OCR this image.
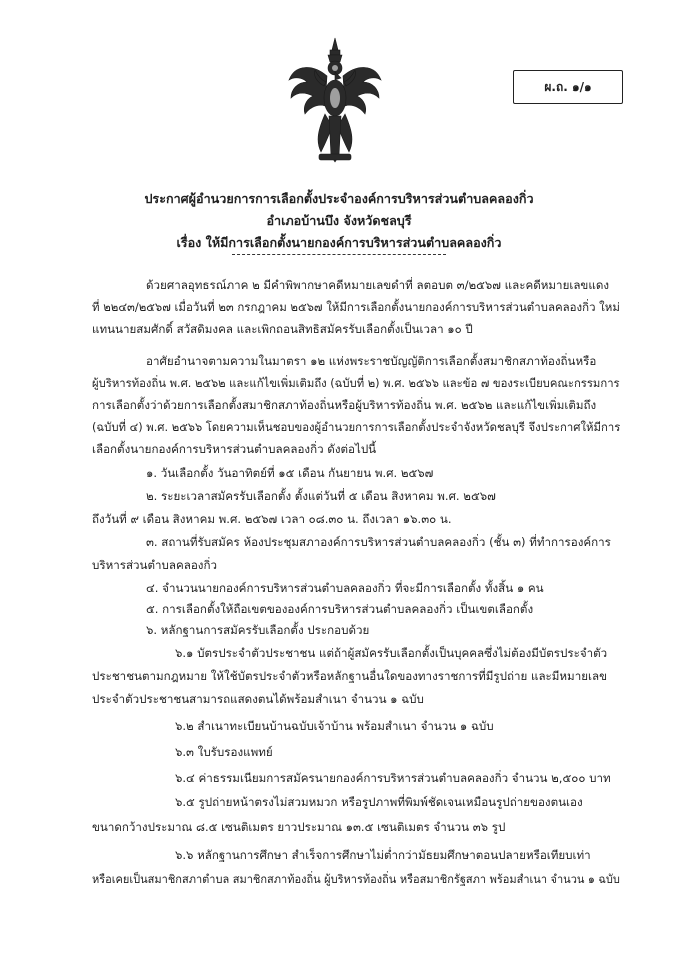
ผ.ถ. ๑/๑
ประกาศผู้อำนวยการการเลือกตั้งประจำองค์การบริหารส่วนตำบลคลองกิ่ว
อำเภอบ้านบึง จังหวัดชลบุรี
เรื่อง ให้มีการเลือกตั้งนายกองค์การบริหารส่วนตำบลคลองกิ่ว
ด้วยศาลอุทธรณ์ภาค ๒ มีคำพิพากษาคดีหมายเลขดำที่ ลตอบต ๓/๒๕๖๗ และคดีหมายเลขแดง
ที่ ๒๒๔๓/๒๕๖๗ เมื่อวันที่ ๒๓ กรกฎาคม ๒๕๖๗ ให้มีการเลือกตั้งนายกองค์การบริหารส่วนตำบลคลองกิ่ว ใหม่
แทนนายสมศักดิ์ สวัสดิมงคล และเพิกถอนสิทธิสมัครรับเลือกตั้งเป็นเวลา ๑๐ ปี
อาศัยอำนาจตามความในมาตรา ๑๒ แห่งพระราชบัญญัติการเลือกตั้งสมาชิกสภาท้องถิ่นหรือ
ผู้บริหารท้องถิ่น พ.ศ. ๒๕๖๒ และแก้ไขเพิ่มเติมถึง (ฉบับที่ ๒) พ.ศ. ๒๕๖๖ และข้อ ๗ ของระเบียบคณะกรรมการ
การเลือกตั้งว่าด้วยการเลือกตั้งสมาชิกสภาท้องถิ่นหรือผู้บริหารท้องถิ่น พ.ศ. ๒๕๖๒ และแก้ไขเพิ่มเติมถึง
(ฉบับที่ ๔) พ.ศ. ๒๕๖๖ โดยความเห็นชอบของผู้อำนวยการการเลือกตั้งประจำจังหวัดชลบุรี จึงประกาศให้มีการ
เลือกตั้งนายกองค์การบริหารส่วนตำบลคลองกิ่ว ดังต่อไปนี้
๑. วันเลือกตั้ง วันอาทิตย์ที่ ๑๕ เดือน กันยายน พ.ศ. ๒๕๖๗
๒. ระยะเวลาสมัครรับเลือกตั้ง ตั้งแต่วันที่ ๕ เดือน สิงหาคม พ.ศ. ๒๕๖๗
ถึงวันที่ ๙ เดือน สิงหาคม พ.ศ. ๒๕๖๗ เวลา ๐๘.๓๐ น. ถึงเวลา ๑๖.๓๐ น.
๓. สถานที่รับสมัคร ห้องประชุมสภาองค์การบริหารส่วนตำบลคลองกิ่ว (ชั้น ๓) ที่ทำการองค์การ
บริหารส่วนตำบลคลองกิ่ว
๔. จำนวนนายกองค์การบริหารส่วนตำบลคลองกิ่ว ที่จะมีการเลือกตั้ง ทั้งสิ้น ๑ คน
๕. การเลือกตั้งให้ถือเขตขององค์การบริหารส่วนตำบลคลองกิ่ว เป็นเขตเลือกตั้ง
๖. หลักฐานการสมัครรับเลือกตั้ง ประกอบด้วย
๖.๑ บัตรประจำตัวประชาชน แต่ถ้าผู้สมัครรับเลือกตั้งเป็นบุคคลซึ่งไม่ต้องมีบัตรประจำตัว
ประชาชนตามกฎหมาย ให้ใช้บัตรประจำตัวหรือหลักฐานอื่นใดของทางราชการที่มีรูปถ่าย และมีหมายเลข
ประจำตัวประชาชนสามารถแสดงตนได้พร้อมสำเนา จำนวน ๑ ฉบับ
๖.๒ สำเนาทะเบียนบ้านฉบับเจ้าบ้าน พร้อมสำเนา จำนวน ๑ ฉบับ
๖.๓ ใบรับรองแพทย์
๖.๔ ค่าธรรมเนียมการสมัครนายกองค์การบริหารส่วนตำบลคลองกิ่ว จำนวน ๒,๕๐๐ บาท
๖.๕ รูปถ่ายหน้าตรงไม่สวมหมวก หรือรูปภาพที่พิมพ์ชัดเจนเหมือนรูปถ่ายของตนเอง
ขนาดกว้างประมาณ ๘.๕ เซนติเมตร ยาวประมาณ ๑๓.๕ เซนติเมตร จำนวน ๓๖ รูป
๖.๖ หลักฐานการศึกษา สำเร็จการศึกษาไม่ต่ำกว่ามัธยมศึกษาตอนปลายหรือเทียบเท่า
หรือเคยเป็นสมาชิกสภาตำบล สมาชิกสภาท้องถิ่น ผู้บริหารท้องถิ่น หรือสมาชิกรัฐสภา พร้อมสำเนา จำนวน ๑ ฉบับ
